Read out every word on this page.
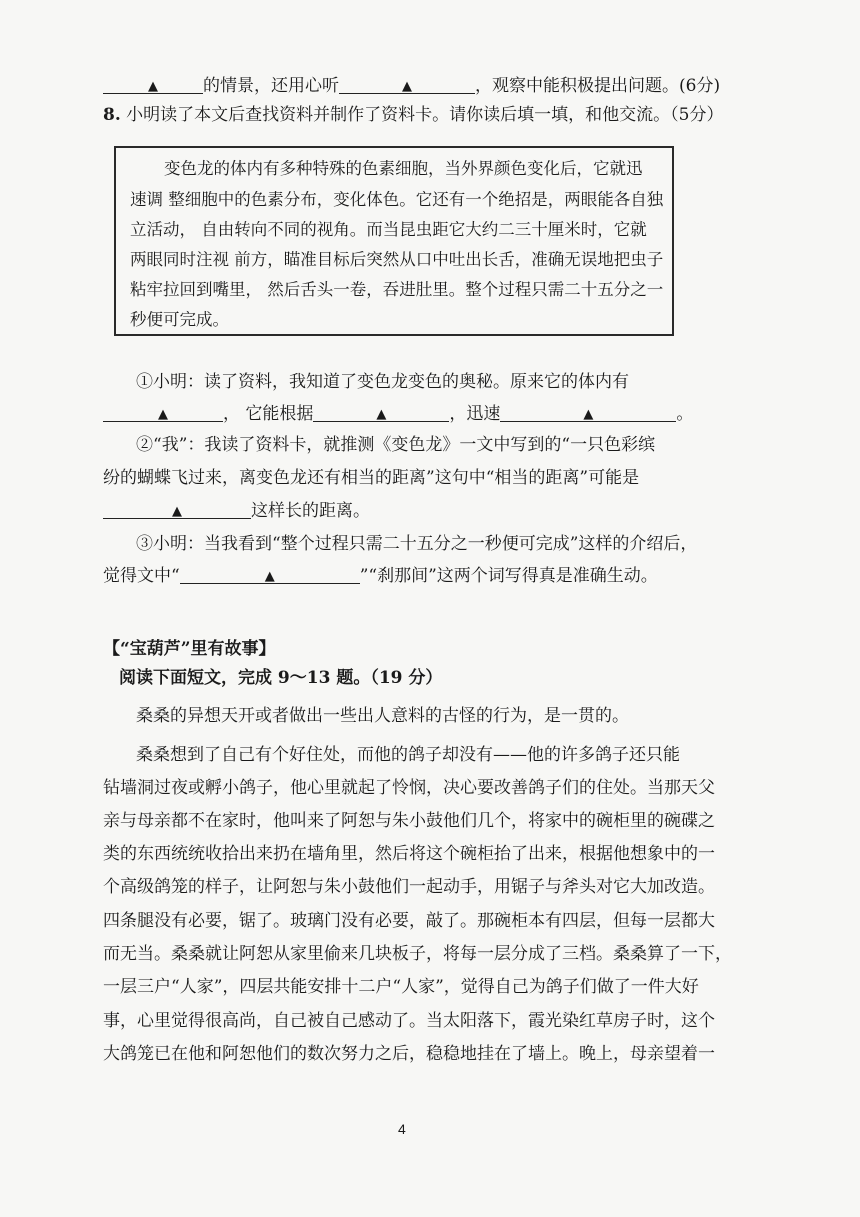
▲	的情景，还用心听	▲	，观察中能积极提出问题。(6分)
8. 小明读了本文后查找资料并制作了资料卡。请你读后填一填，和他交流。（5分）
变色龙的体内有多种特殊的色素细胞，当外界颜色变化后，它就迅
速调 整细胞中的色素分布，变化体色。它还有一个绝招是，两眼能各自独
立活动， 自由转向不同的视角。而当昆虫距它大约二三十厘米时，它就
两眼同时注视 前方，瞄准目标后突然从口中吐出长舌，准确无误地把虫子
粘牢拉回到嘴里， 然后舌头一卷，吞进肚里。整个过程只需二十五分之一
秒便可完成。
①小明：读了资料，我知道了变色龙变色的奥秘。原来它的体内有
▲	， 它能根据	▲	，迅速	▲	。
②“我”：我读了资料卡，就推测《变色龙》一文中写到的“一只色彩缤
纷的蝴蝶飞过来，离变色龙还有相当的距离”这句中“相当的距离”可能是
▲	这样长的距离。
③小明：当我看到“整个过程只需二十五分之一秒便可完成”这样的介绍后，
觉得文中“	▲	”“刹那间”这两个词写得真是准确生动。
【“宝葫芦”里有故事】
阅读下面短文，完成 9～13 题。（19 分）
桑桑的异想天开或者做出一些出人意料的古怪的行为，是一贯的。
桑桑想到了自己有个好住处，而他的鸽子却没有——他的许多鸽子还只能
钻墙洞过夜或孵小鸽子，他心里就起了怜悯，决心要改善鸽子们的住处。当那天父
亲与母亲都不在家时，他叫来了阿恕与朱小鼓他们几个，将家中的碗柜里的碗碟之
类的东西统统收拾出来扔在墙角里，然后将这个碗柜抬了出来，根据他想象中的一
个高级鸽笼的样子，让阿恕与朱小鼓他们一起动手，用锯子与斧头对它大加改造。
四条腿没有必要，锯了。玻璃门没有必要，敲了。那碗柜本有四层，但每一层都大
而无当。桑桑就让阿恕从家里偷来几块板子，将每一层分成了三档。桑桑算了一下，
一层三户“人家”，四层共能安排十二户“人家”，觉得自己为鸽子们做了一件大好
事，心里觉得很高尚，自己被自己感动了。当太阳落下，霞光染红草房子时，这个
大鸽笼已在他和阿恕他们的数次努力之后，稳稳地挂在了墙上。晚上，母亲望着一
4
